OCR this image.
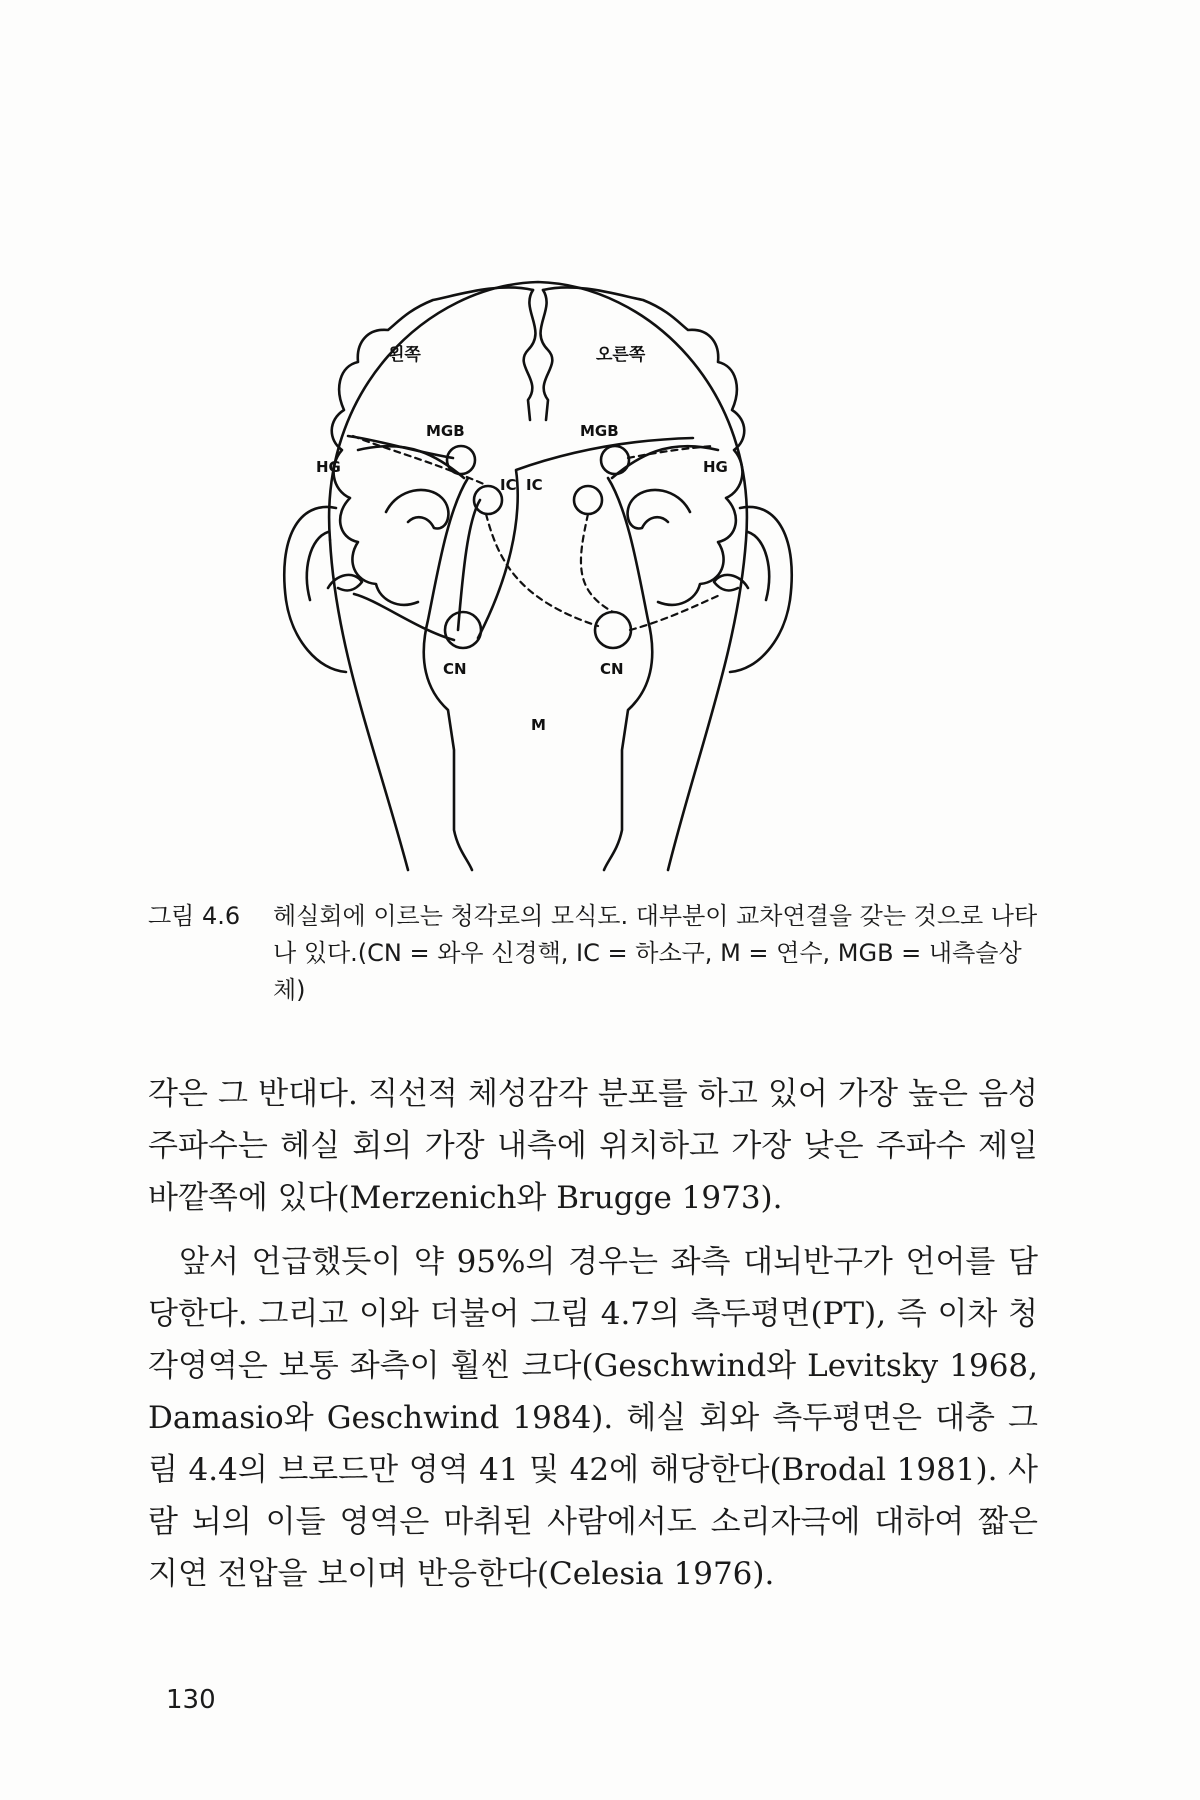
왼쪽	오른쪽
HG	HG
MGB	MGB
IC IC
CN	CN
M
그림 4.6	헤실회에 이르는 청각로의 모식도. 대부분이 교차연결을 갖는 것으로 나타나 있다.(CN = 와우 신경핵, IC = 하소구, M = 연수, MGB = 내측슬상체)

각은 그 반대다. 직선적 체성감각 분포를 하고 있어 가장 높은 음성 주파수는 헤실 회의 가장 내측에 위치하고 가장 낮은 주파수 제일 바깥쪽에 있다(Merzenich와 Brugge 1973).

앞서 언급했듯이 약 95%의 경우는 좌측 대뇌반구가 언어를 담당한다. 그리고 이와 더불어 그림 4.7의 측두평면(PT), 즉 이차 청각영역은 보통 좌측이 훨씬 크다(Geschwind와 Levitsky 1968, Damasio와 Geschwind 1984). 헤실 회와 측두평면은 대충 그림 4.4의 브로드만 영역 41 및 42에 해당한다(Brodal 1981). 사람 뇌의 이들 영역은 마취된 사람에서도 소리자극에 대하여 짧은 지연 전압을 보이며 반응한다(Celesia 1976).

130
